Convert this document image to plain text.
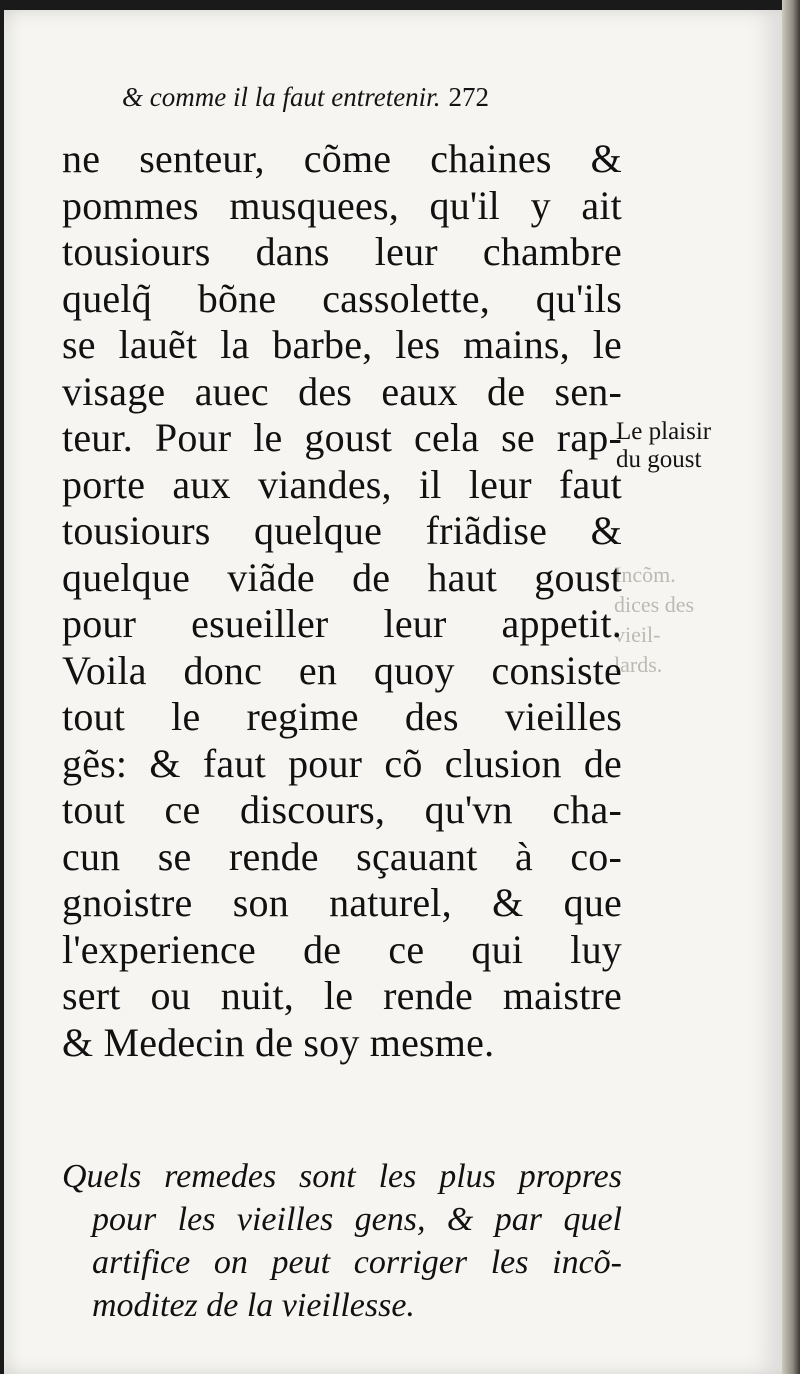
Incõm.
dices des
vieil-
lards.
& comme il la faut entretenir. 272
ne senteur, cõme chaines &
pommes musquees, qu'il y ait
tousiours dans leur chambre
quelq̃ bõne cassolette, qu'ils
se lauẽt la barbe, les mains, le
visage auec des eaux de sen-
teur. Pour le goust cela se rap-
porte aux viandes, il leur faut
tousiours quelque friãdise &
quelque viãde de haut goust
pour esueiller leur appetit.
Voila donc en quoy consiste
tout le regime des vieilles
gẽs: & faut pour cõ clusion de
tout ce discours, qu'vn cha-
cun se rende sçauant à co-
gnoistre son naturel, & que
l'experience de ce qui luy
sert ou nuit, le rende maistre
& Medecin de soy mesme.
Le plaisir
du goust
Quels remedes sont les plus propres
pour les vieilles gens, & par quel
artifice on peut corriger les incõ-
moditez de la vieillesse.
